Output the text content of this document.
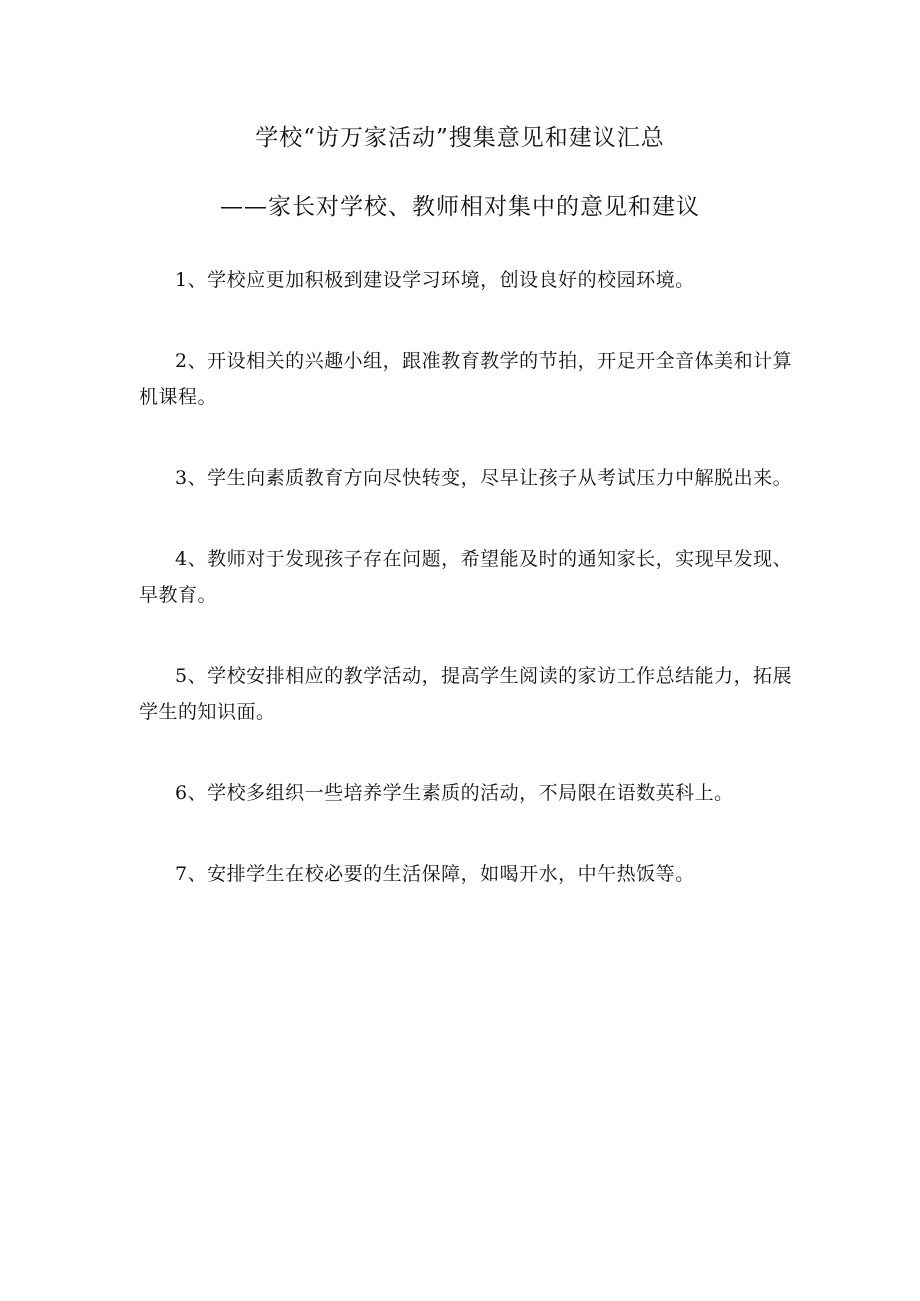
学校“访万家活动”搜集意见和建议汇总
——家长对学校、教师相对集中的意见和建议

1、学校应更加积极到建设学习环境，创设良好的校园环境。

2、开设相关的兴趣小组，跟准教育教学的节拍，开足开全音体美和计算机课程。

3、学生向素质教育方向尽快转变，尽早让孩子从考试压力中解脱出来。

4、教师对于发现孩子存在问题，希望能及时的通知家长，实现早发现、早教育。

5、学校安排相应的教学活动，提高学生阅读的家访工作总结能力，拓展学生的知识面。

6、学校多组织一些培养学生素质的活动，不局限在语数英科上。

7、安排学生在校必要的生活保障，如喝开水，中午热饭等。
